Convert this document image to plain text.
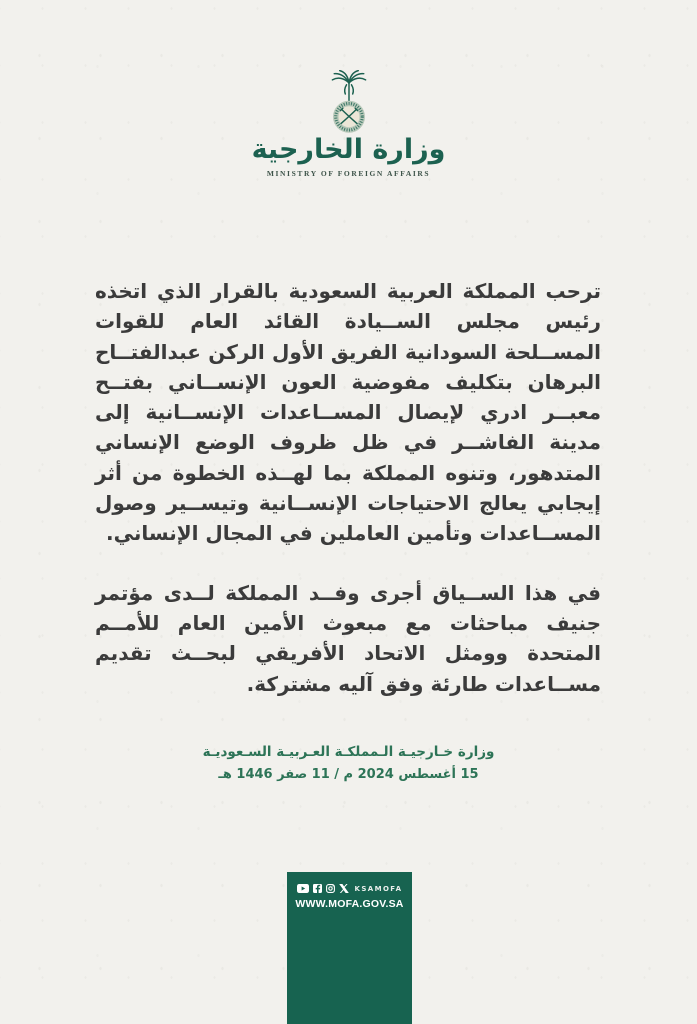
وزارة الخارجية
MINISTRY OF FOREIGN AFFAIRS

ترحب المملكة العربية السعودية بالقرار الذي اتخذه رئيس مجلس الســيادة القائد العام للقوات المســلحة السودانية الفريق الأول الركن عبدالفتــاح البرهان بتكليف مفوضية العون الإنســاني بفتــح معبــر ادري لإيصال المســاعدات الإنســانية إلى مدينة الفاشــر في ظل ظروف الوضع الإنساني المتدهور، وتنوه المملكة بما لهــذه الخطوة من أثر إيجابي يعالج الاحتياجات الإنســانية وتيســير وصول المســاعدات وتأمين العاملين في المجال الإنساني.

في هذا الســياق أجرى وفــد المملكة لــدى مؤتمر جنيف مباحثات مع مبعوث الأمين العام للأمــم المتحدة وومثل الاتحاد الأفريقي لبحــث تقديم مســاعدات طارئة وفق آليه مشتركة.

وزارة خـارجيـة الـمملكـة العـربيـة السـعوديـة
15 أغسطس 2024 م / 11 صفر 1446 هـ
KSAMOFA
WWW.MOFA.GOV.SA
